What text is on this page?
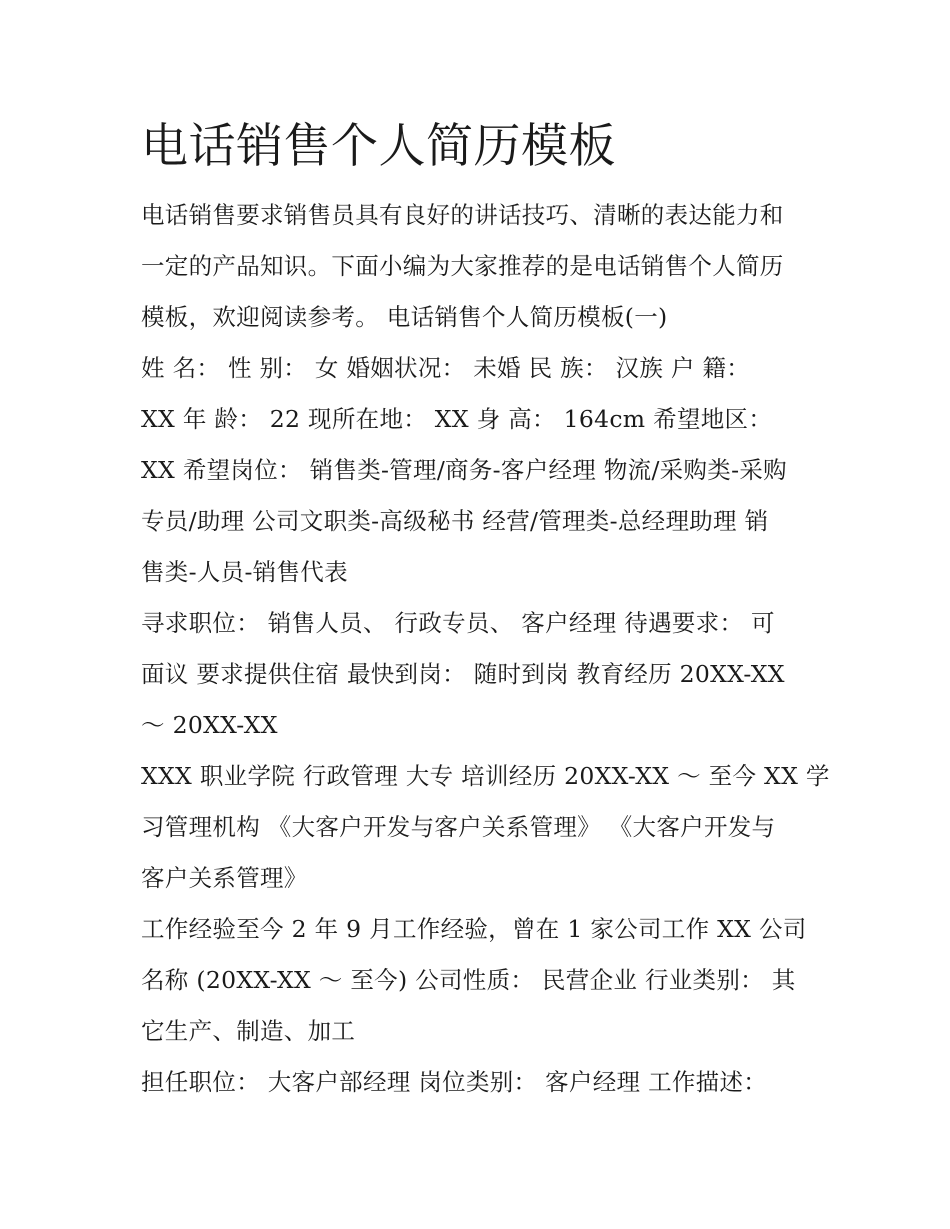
电话销售个人简历模板

电话销售要求销售员具有良好的讲话技巧、清晰的表达能力和
一定的产品知识。下面小编为大家推荐的是电话销售个人简历
模板，欢迎阅读参考。 电话销售个人简历模板(一)

姓 名： 性 别： 女 婚姻状况： 未婚 民 族： 汉族 户 籍：
XX 年 龄： 22 现所在地： XX 身 高： 164cm 希望地区：

XX 希望岗位： 销售类-管理/商务-客户经理 物流/采购类-采购
专员/助理 公司文职类-高级秘书 经营/管理类-总经理助理 销
售类-人员-销售代表

寻求职位： 销售人员、 行政专员、 客户经理 待遇要求： 可
面议 要求提供住宿 最快到岗： 随时到岗 教育经历 20XX-XX
～ 20XX-XX

XXX 职业学院 行政管理 大专 培训经历 20XX-XX ～ 至今 XX 学
习管理机构 《大客户开发与客户关系管理》 《大客户开发与
客户关系管理》

工作经验至今 2 年 9 月工作经验，曾在 1 家公司工作 XX 公司
名称 (20XX-XX ～ 至今) 公司性质： 民营企业 行业类别： 其
它生产、制造、加工

担任职位： 大客户部经理 岗位类别： 客户经理 工作描述：
